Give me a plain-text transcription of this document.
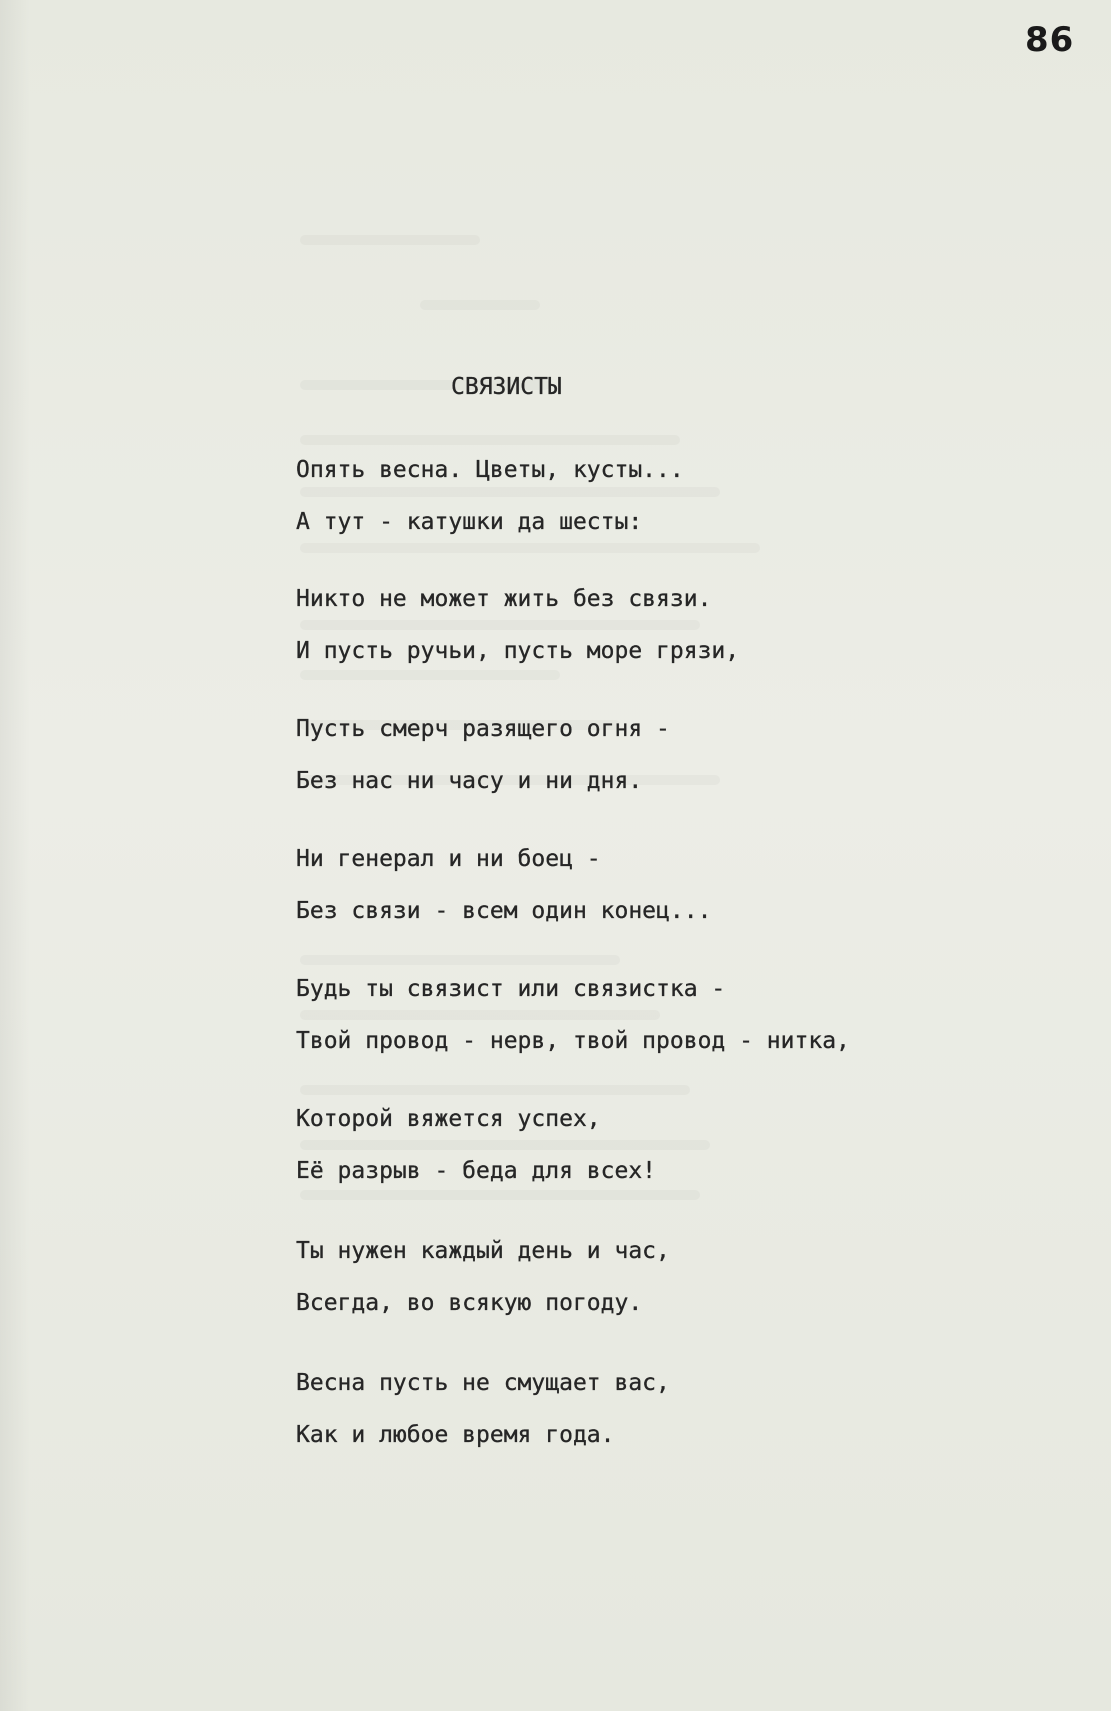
86
СВЯЗИСТЫ
Опять весна. Цветы, кусты...
А тут - катушки да шесты:
Никто не может жить без связи.
И пусть ручьи, пусть море грязи,
Пусть смерч разящего огня -
Без нас ни часу и ни дня.
Ни генерал и ни боец -
Без связи - всем один конец...
Будь ты связист или связистка -
Твой провод - нерв, твой провод - нитка,
Которой вяжется успех,
Её разрыв - беда для всех!
Ты нужен каждый день и час,
Всегда, во всякую погоду.
Весна пусть не смущает вас,
Как и любое время года.
